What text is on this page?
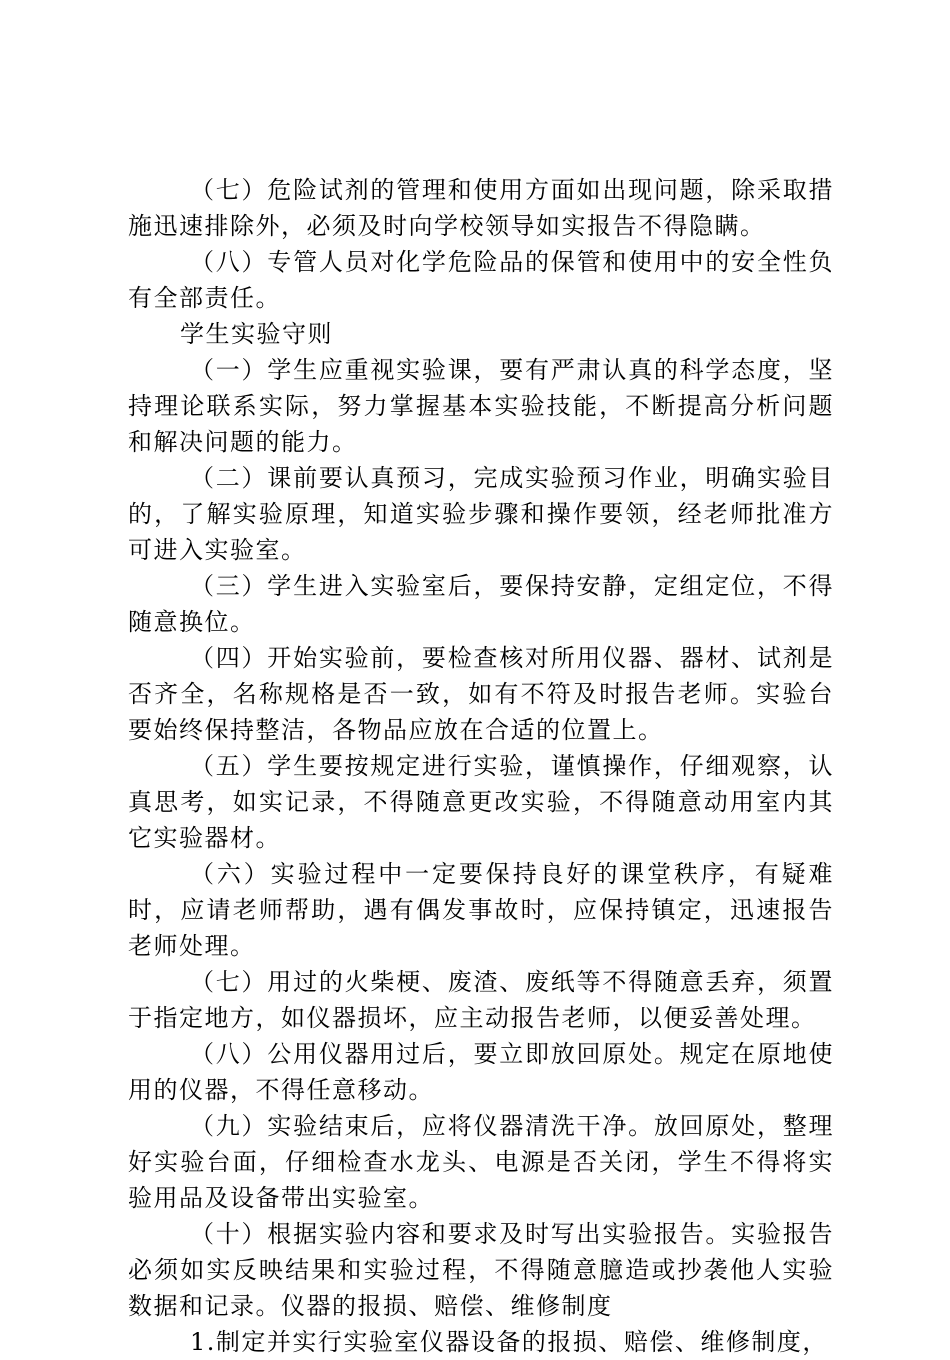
（七）危险试剂的管理和使用方面如出现问题，除采取措施迅速排除外，必须及时向学校领导如实报告不得隐瞒。

（八）专管人员对化学危险品的保管和使用中的安全性负有全部责任。

学生实验守则

（一）学生应重视实验课，要有严肃认真的科学态度，坚持理论联系实际，努力掌握基本实验技能，不断提高分析问题和解决问题的能力。

（二）课前要认真预习，完成实验预习作业，明确实验目的，了解实验原理，知道实验步骤和操作要领，经老师批准方可进入实验室。

（三）学生进入实验室后，要保持安静，定组定位，不得随意换位。

（四）开始实验前，要检查核对所用仪器、器材、试剂是否齐全，名称规格是否一致，如有不符及时报告老师。实验台要始终保持整洁，各物品应放在合适的位置上。

（五）学生要按规定进行实验，谨慎操作，仔细观察，认真思考，如实记录，不得随意更改实验，不得随意动用室内其它实验器材。

（六）实验过程中一定要保持良好的课堂秩序，有疑难时，应请老师帮助，遇有偶发事故时，应保持镇定，迅速报告老师处理。

（七）用过的火柴梗、废渣、废纸等不得随意丢弃，须置于指定地方，如仪器损坏，应主动报告老师，以便妥善处理。

（八）公用仪器用过后，要立即放回原处。规定在原地使用的仪器，不得任意移动。

（九）实验结束后，应将仪器清洗干净。放回原处，整理好实验台面，仔细检查水龙头、电源是否关闭，学生不得将实验用品及设备带出实验室。

（十）根据实验内容和要求及时写出实验报告。实验报告必须如实反映结果和实验过程，不得随意臆造或抄袭他人实验数据和记录。仪器的报损、赔偿、维修制度

1.制定并实行实验室仪器设备的报损、赔偿、维修制度，
